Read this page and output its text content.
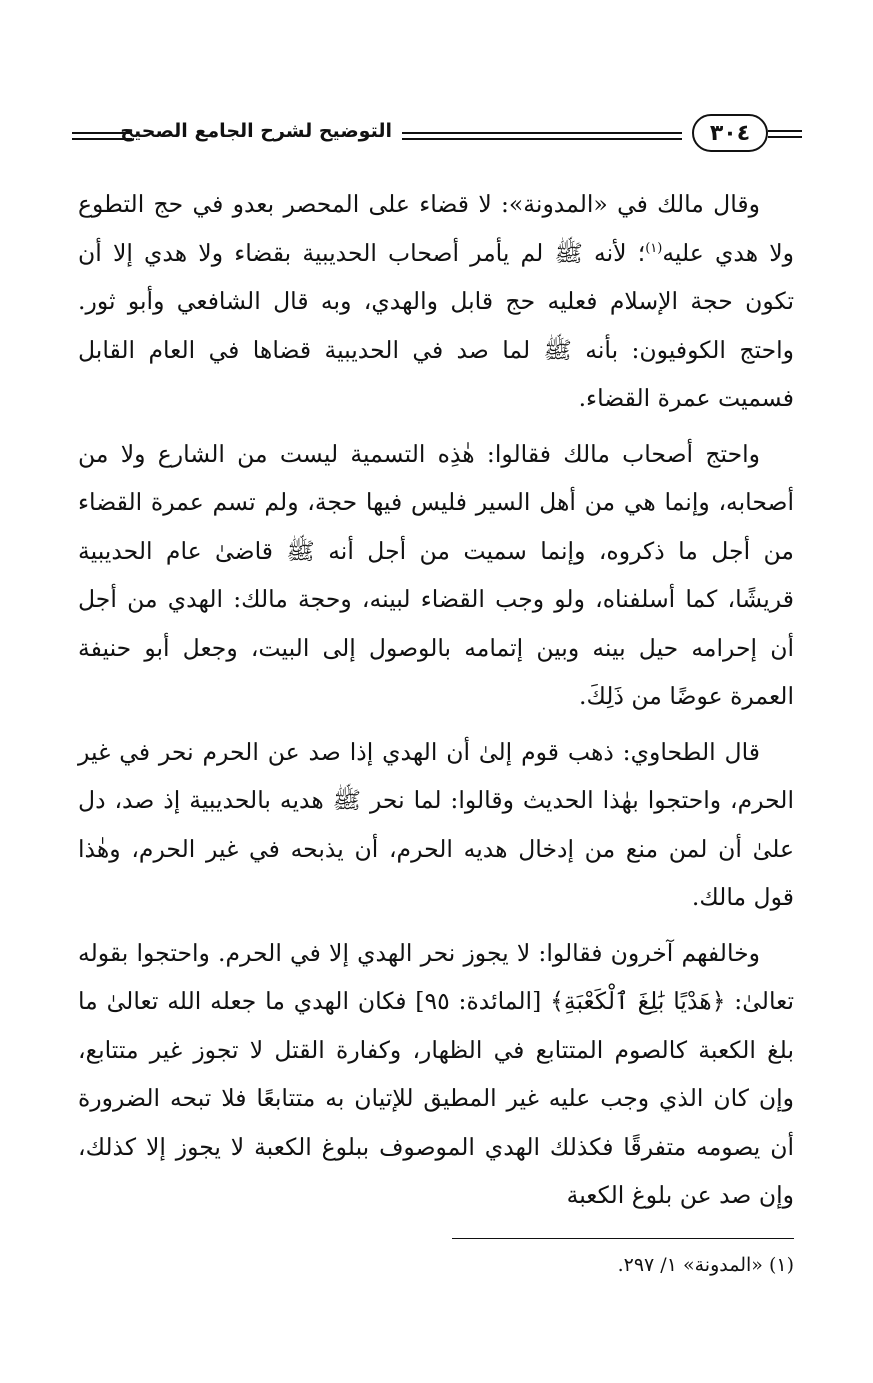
التوضيح لشرح الجامع الصحيح	٣٠٤

وقال مالك في «المدونة»: لا قضاء على المحصر بعدو في حج التطوع ولا هدي عليه$^{(١)}$؛ لأنه ﷺ لم يأمر أصحاب الحديبية بقضاء ولا هدي إلا أن تكون حجة الإسلام فعليه حج قابل والهدي، وبه قال الشافعي وأبو ثور. واحتج الكوفيون: بأنه ﷺ لما صد في الحديبية قضاها في العام القابل فسميت عمرة القضاء.

واحتج أصحاب مالك فقالوا: هٰذِه التسمية ليست من الشارع ولا من أصحابه، وإنما هي من أهل السير فليس فيها حجة، ولم تسم عمرة القضاء من أجل ما ذكروه، وإنما سميت من أجل أنه ﷺ قاضىٰ عام الحديبية قريشًا، كما أسلفناه، ولو وجب القضاء لبينه، وحجة مالك: الهدي من أجل أن إحرامه حيل بينه وبين إتمامه بالوصول إلى البيت، وجعل أبو حنيفة العمرة عوضًا من ذَلِكَ.

قال الطحاوي: ذهب قوم إلىٰ أن الهدي إذا صد عن الحرم نحر في غير الحرم، واحتجوا بهٰذا الحديث وقالوا: لما نحر ﷺ هديه بالحديبية إذ صد، دل علىٰ أن لمن منع من إدخال هديه الحرم، أن يذبحه في غير الحرم، وهٰذا قول مالك.

وخالفهم آخرون فقالوا: لا يجوز نحر الهدي إلا في الحرم. واحتجوا بقوله تعالىٰ: ﴿هَدْيًا بَٰلِغَ ٱلْكَعْبَةِ﴾ [المائدة: ٩٥] فكان الهدي ما جعله الله تعالىٰ ما بلغ الكعبة كالصوم المتتابع في الظهار، وكفارة القتل لا تجوز غير متتابع، وإن كان الذي وجب عليه غير المطيق للإتيان به متتابعًا فلا تبحه الضرورة أن يصومه متفرقًا فكذلك الهدي الموصوف ببلوغ الكعبة لا يجوز إلا كذلك، وإن صد عن بلوغ الكعبة

(١) «المدونة» ١/ ٢٩٧.
